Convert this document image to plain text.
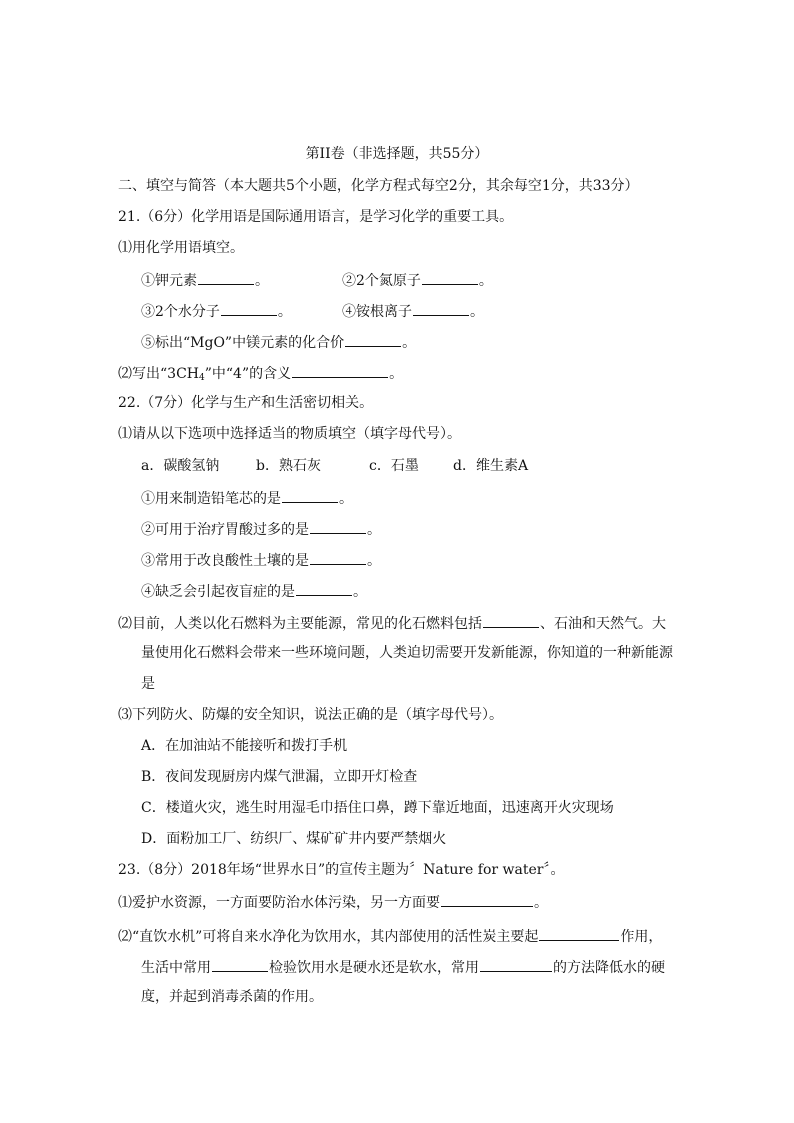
第II卷（非选择题，共55分）
二、填空与简答（本大题共5个小题，化学方程式每空2分，其余每空1分，共33分）
21.（6分）化学用语是国际通用语言，是学习化学的重要工具。
⑴用化学用语填空。
①钾元素	。	②2个氮原子	。
③2个水分子	。	④铵根离子	。
⑤标出“MgO”中镁元素的化合价	。
⑵写出“$3CH_4$”中“4”的含义	。
22.（7分）化学与生产和生活密切相关。
⑴请从以下选项中选择适当的物质填空（填字母代号）。
a．碳酸氢钠	b．熟石灰	c．石墨 d．维生素A
①用来制造铅笔芯的是	。
②可用于治疗胃酸过多的是	。
③常用于改良酸性土壤的是	。
④缺乏会引起夜盲症的是	。
⑵目前，人类以化石燃料为主要能源，常见的化石燃料包括	、石油和天然气。大
量使用化石燃料会带来一些环境问题，人类迫切需要开发新能源，你知道的一种新能源
是
⑶下列防火、防爆的安全知识，说法正确的是（填字母代号）。
A．在加油站不能接听和拨打手机
B．夜间发现厨房内煤气泄漏，立即开灯检查
C．楼道火灾，逃生时用湿毛巾捂住口鼻，蹲下靠近地面，迅速离开火灾现场
D．面粉加工厂、纺织厂、煤矿矿井内要严禁烟火
23.（8分）2018年场“世界水日”的宣传主题为〞Nature for water〞。
⑴爱护水资源，一方面要防治水体污染，另一方面要	。
⑵“直饮水机”可将自来水净化为饮用水，其内部使用的活性炭主要起	作用，
生活中常用	检验饮用水是硬水还是软水，常用	的方法降低水的硬
度，并起到消毒杀菌的作用。
